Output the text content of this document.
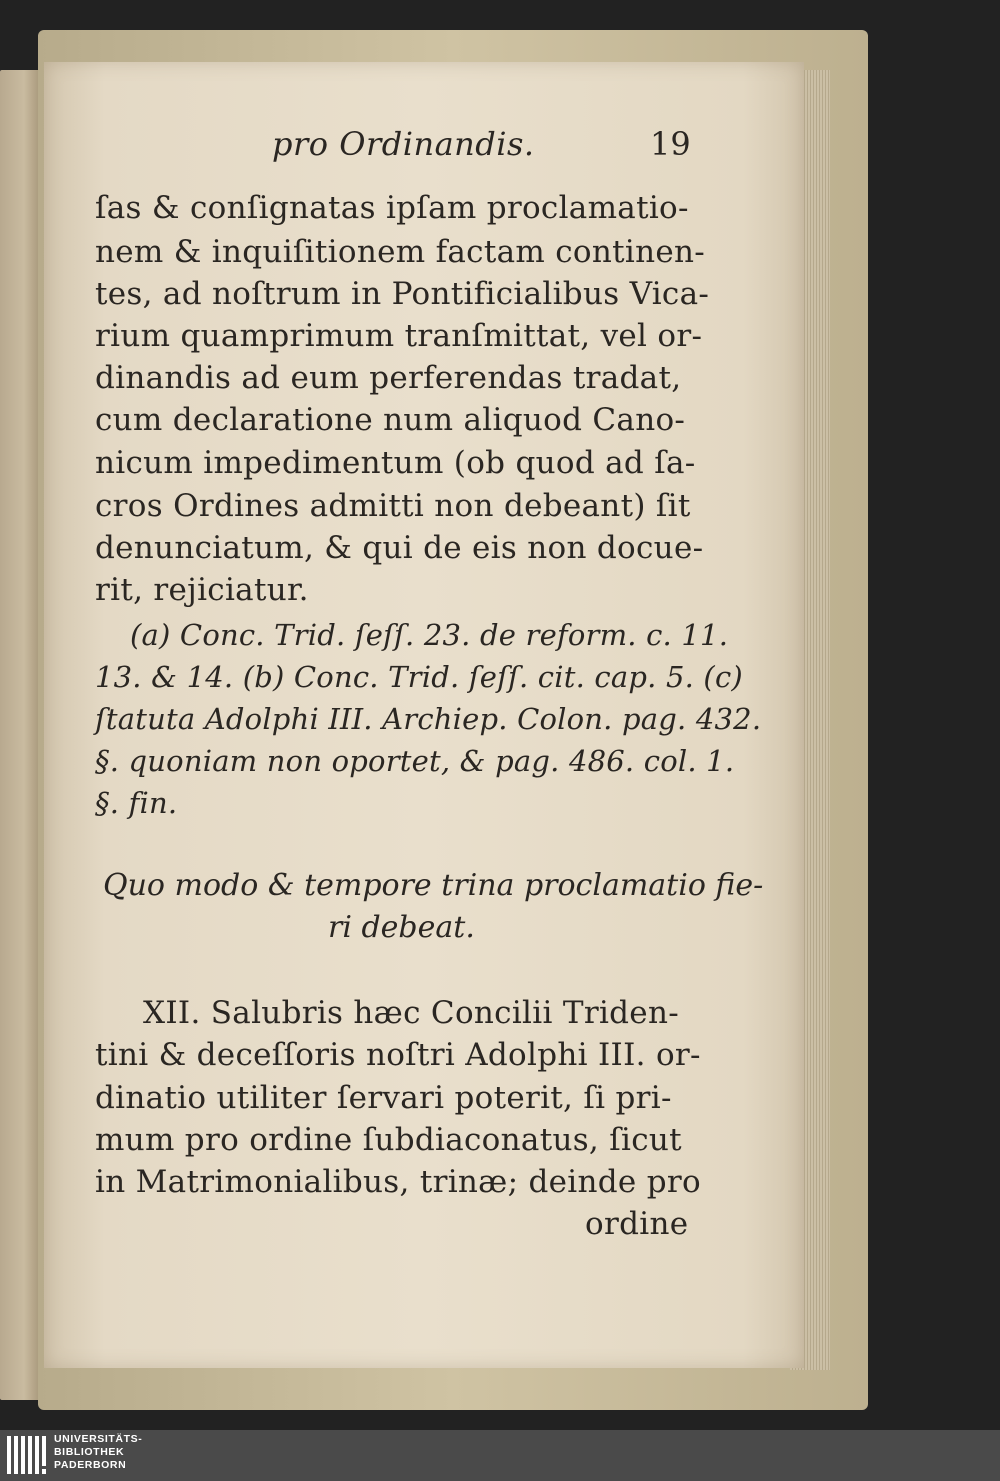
pro Ordinandis.	19
ſas & conſignatas ipſam proclamatio-
nem & inquiſitionem factam continen-
tes, ad noſtrum in Pontificialibus Vica-
rium quamprimum tranſmittat, vel or-
dinandis ad eum perferendas tradat,
cum declaratione num aliquod Cano-
nicum impedimentum (ob quod ad ſa-
cros Ordines admitti non debeant) ſit
denunciatum, & qui de eis non docue-
rit, rejiciatur.
(a) Conc. Trid. ſeſſ. 23. de reform. c. 11.
13. & 14. (b) Conc. Trid. ſeſſ. cit. cap. 5. (c)
ſtatuta Adolphi III. Archiep. Colon. pag. 432.
§. quoniam non oportet, & pag. 486. col. 1.
§. fin.
Quo modo & tempore trina proclamatio fie-
ri debeat.
XII. Salubris hæc Concilii Triden-
tini & deceſſoris noſtri Adolphi III. or-
dinatio utiliter ſervari poterit, ſi pri-
mum pro ordine ſubdiaconatus, ſicut
in Matrimonialibus, trinæ; deinde pro
ordine
UNIVERSITÄTS-
BIBLIOTHEK
PADERBORN
